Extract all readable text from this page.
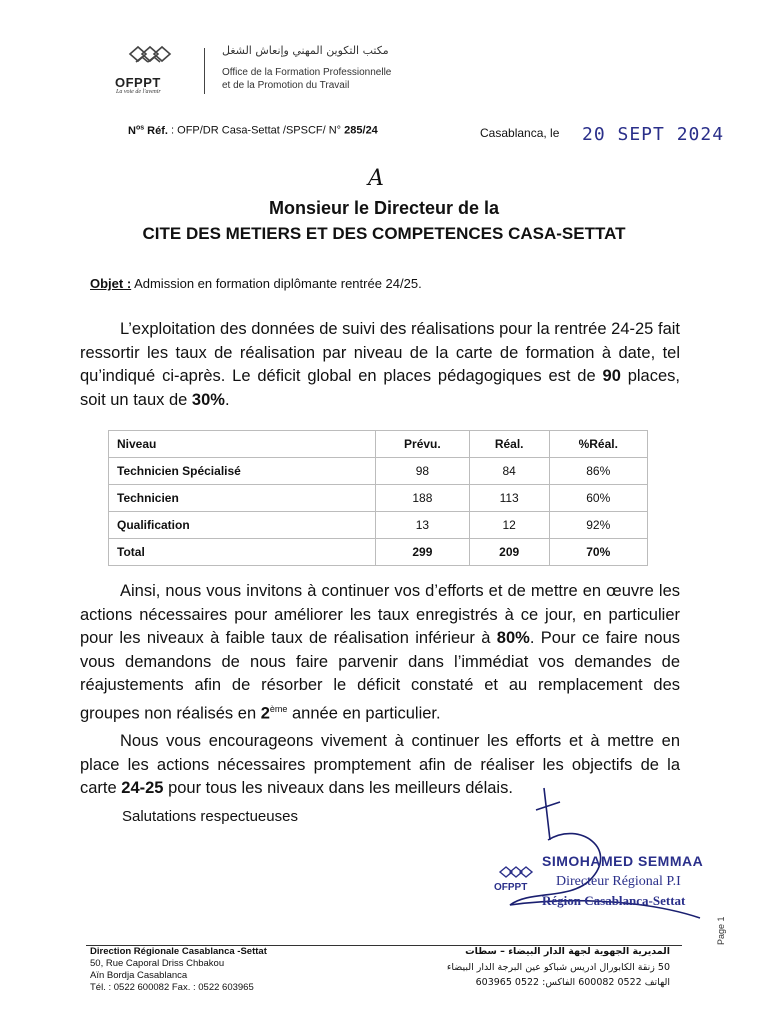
OFPPT
La voie de l'avenir
مكتب التكوين المهني وإنعاش الشغل
Office de la Formation Professionnelle
et de la Promotion du Travail
$N^{os}$ Réf. : OFP/DR Casa-Settat /SPSCF/ N° 285/24	Casablanca, le 20 SEPT 2024
A
Monsieur le Directeur de la
CITE DES METIERS ET DES COMPETENCES CASA-SETTAT
Objet : Admission en formation diplômante rentrée 24/25.
L’exploitation des données de suivi des réalisations pour la rentrée 24-25 fait ressortir les taux de réalisation par niveau de la carte de formation à date, tel qu’indiqué ci-après. Le déficit global en places pédagogiques est de 90 places, soit un taux de 30%.
Niveau	Prévu.	Réal.	%Réal.
Technicien Spécialisé	98	84	86%
Technicien	188	113	60%
Qualification	13	12	92%
Total	299	209	70%
Ainsi, nous vous invitons à continuer vos d’efforts et de mettre en œuvre les actions nécessaires pour améliorer les taux enregistrés à ce jour, en particulier pour les niveaux à faible taux de réalisation inférieur à 80%. Pour ce faire nous vous demandons de nous faire parvenir dans l’immédiat vos demandes de réajustements afin de résorber le déficit constaté et au remplacement des groupes non réalisés en 2ème année en particulier.
Nous vous encourageons vivement à continuer les efforts et à mettre en place les actions nécessaires promptement afin de réaliser les objectifs de la carte 24-25 pour tous les niveaux dans les meilleurs délais.
Salutations respectueuses
OFPPT
SIMOHAMED SEMMAA
Directeur Régional P.I
Région Casablanca-Settat
Page 1
Direction Régionale Casablanca -Settat
50, Rue Caporal Driss Chbakou
Aïn Bordja Casablanca
Tél. : 0522 600082 Fax. : 0522 603965
المديرية الجهوية لجهة الدار البيضاء – سطات
50 زنقة الكابورال ادريس شباكو عين البرجة الدار البيضاء
الهاتف 0522 600082 الفاكس: 0522 603965
